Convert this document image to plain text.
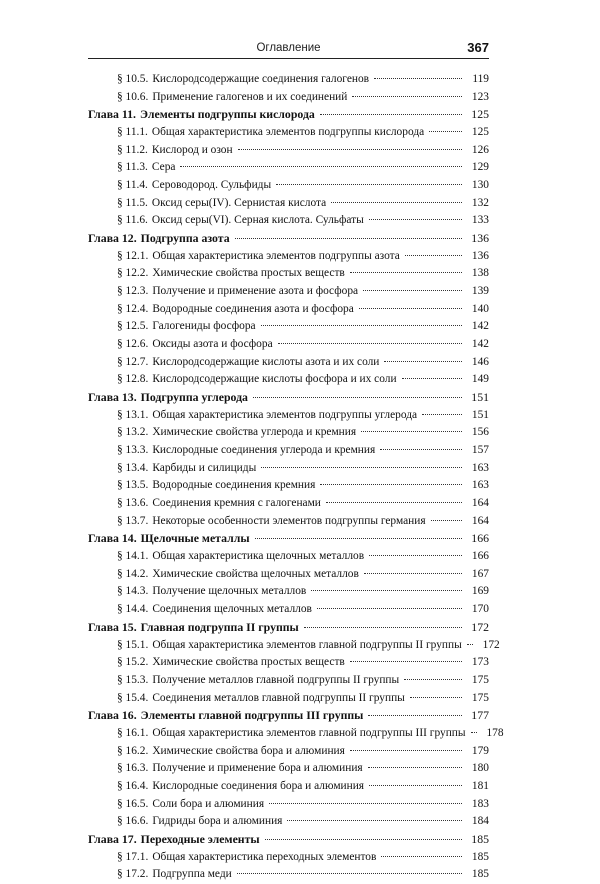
Оглавление	367
§ 10.5. Кислородсодержащие соединения галогенов	119
§ 10.6. Применение галогенов и их соединений	123
Глава 11. Элементы подгруппы кислорода	125
§ 11.1. Общая характеристика элементов подгруппы кислорода	125
§ 11.2. Кислород и озон	126
§ 11.3. Сера	129
§ 11.4. Сероводород. Сульфиды	130
§ 11.5. Оксид серы(IV). Сернистая кислота	132
§ 11.6. Оксид серы(VI). Серная кислота. Сульфаты	133
Глава 12. Подгруппа азота	136
§ 12.1. Общая характеристика элементов подгруппы азота	136
§ 12.2. Химические свойства простых веществ	138
§ 12.3. Получение и применение азота и фосфора	139
§ 12.4. Водородные соединения азота и фосфора	140
§ 12.5. Галогениды фосфора	142
§ 12.6. Оксиды азота и фосфора	142
§ 12.7. Кислородсодержащие кислоты азота и их соли	146
§ 12.8. Кислородсодержащие кислоты фосфора и их соли	149
Глава 13. Подгруппа углерода	151
§ 13.1. Общая характеристика элементов подгруппы углерода	151
§ 13.2. Химические свойства углерода и кремния	156
§ 13.3. Кислородные соединения углерода и кремния	157
§ 13.4. Карбиды и силициды	163
§ 13.5. Водородные соединения кремния	163
§ 13.6. Соединения кремния с галогенами	164
§ 13.7. Некоторые особенности элементов подгруппы германия	164
Глава 14. Щелочные металлы	166
§ 14.1. Общая характеристика щелочных металлов	166
§ 14.2. Химические свойства щелочных металлов	167
§ 14.3. Получение щелочных металлов	169
§ 14.4. Соединения щелочных металлов	170
Глава 15. Главная подгруппа II группы	172
§ 15.1. Общая характеристика элементов главной подгруппы II группы	172
§ 15.2. Химические свойства простых веществ	173
§ 15.3. Получение металлов главной подгруппы II группы	175
§ 15.4. Соединения металлов главной подгруппы II группы	175
Глава 16. Элементы главной подгруппы III группы	177
§ 16.1. Общая характеристика элементов главной подгруппы III группы	178
§ 16.2. Химические свойства бора и алюминия	179
§ 16.3. Получение и применение бора и алюминия	180
§ 16.4. Кислородные соединения бора и алюминия	181
§ 16.5. Соли бора и алюминия	183
§ 16.6. Гидриды бора и алюминия	184
Глава 17. Переходные элементы	185
§ 17.1. Общая характеристика переходных элементов	185
§ 17.2. Подгруппа меди	185
